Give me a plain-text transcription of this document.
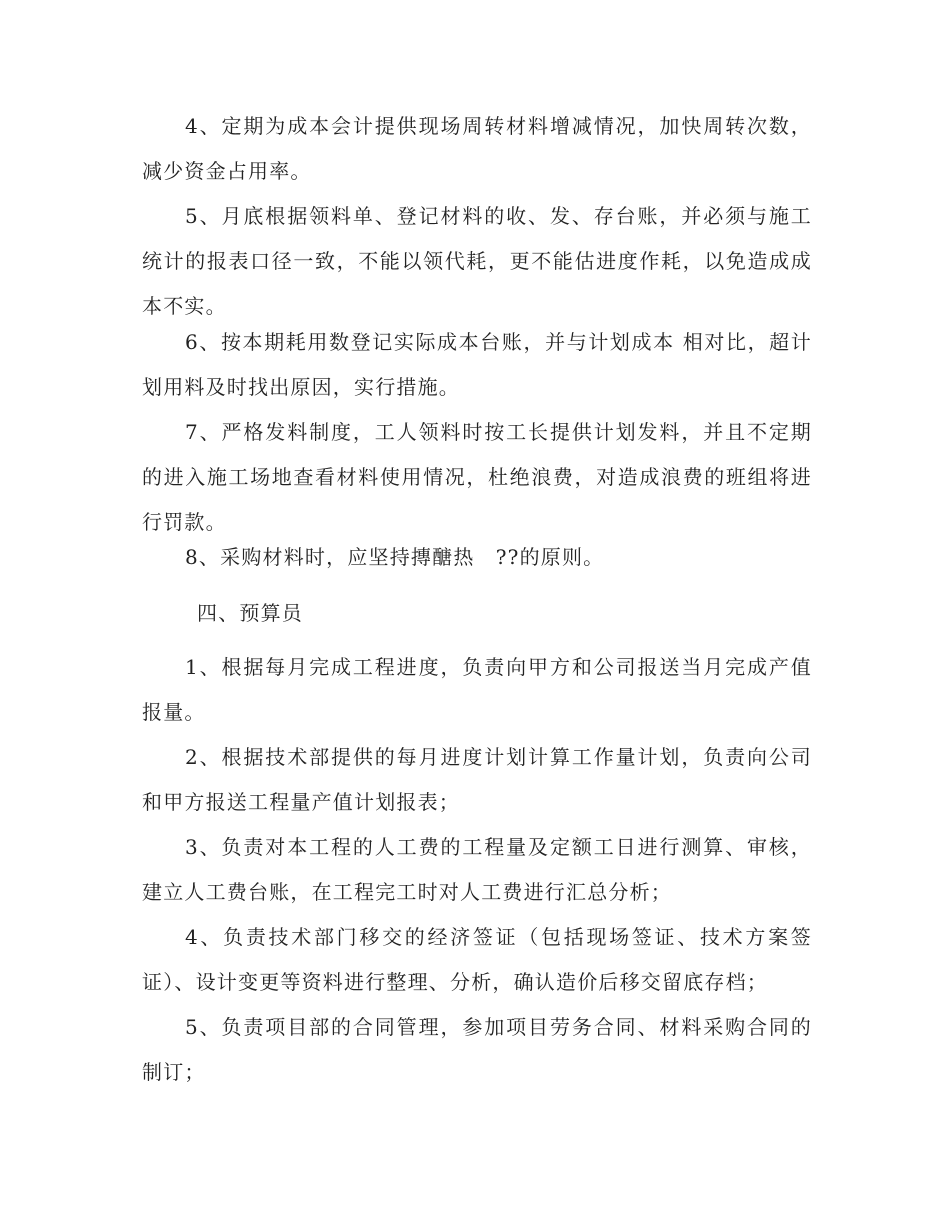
4、定期为成本会计提供现场周转材料增减情况，加快周转次数，减少资金占用率。

5、月底根据领料单、登记材料的收、发、存台账，并必须与施工统计的报表口径一致，不能以领代耗，更不能估进度作耗，以免造成成本不实。

6、按本期耗用数登记实际成本台账，并与计划成本 相对比，超计划用料及时找出原因，实行措施。

7、严格发料制度，工人领料时按工长提供计划发料，并且不定期的进入施工场地查看材料使用情况，杜绝浪费，对造成浪费的班组将进行罚款。

8、采购材料时，应坚持摶醣热　??的原则。

四、预算员

1、根据每月完成工程进度，负责向甲方和公司报送当月完成产值报量。

2、根据技术部提供的每月进度计划计算工作量计划，负责向公司和甲方报送工程量产值计划报表；

3、负责对本工程的人工费的工程量及定额工日进行测算、审核，建立人工费台账，在工程完工时对人工费进行汇总分析；

4、负责技术部门移交的经济签证（包括现场签证、技术方案签证）、设计变更等资料进行整理、分析，确认造价后移交留底存档；

5、负责项目部的合同管理，参加项目劳务合同、材料采购合同的制订；
